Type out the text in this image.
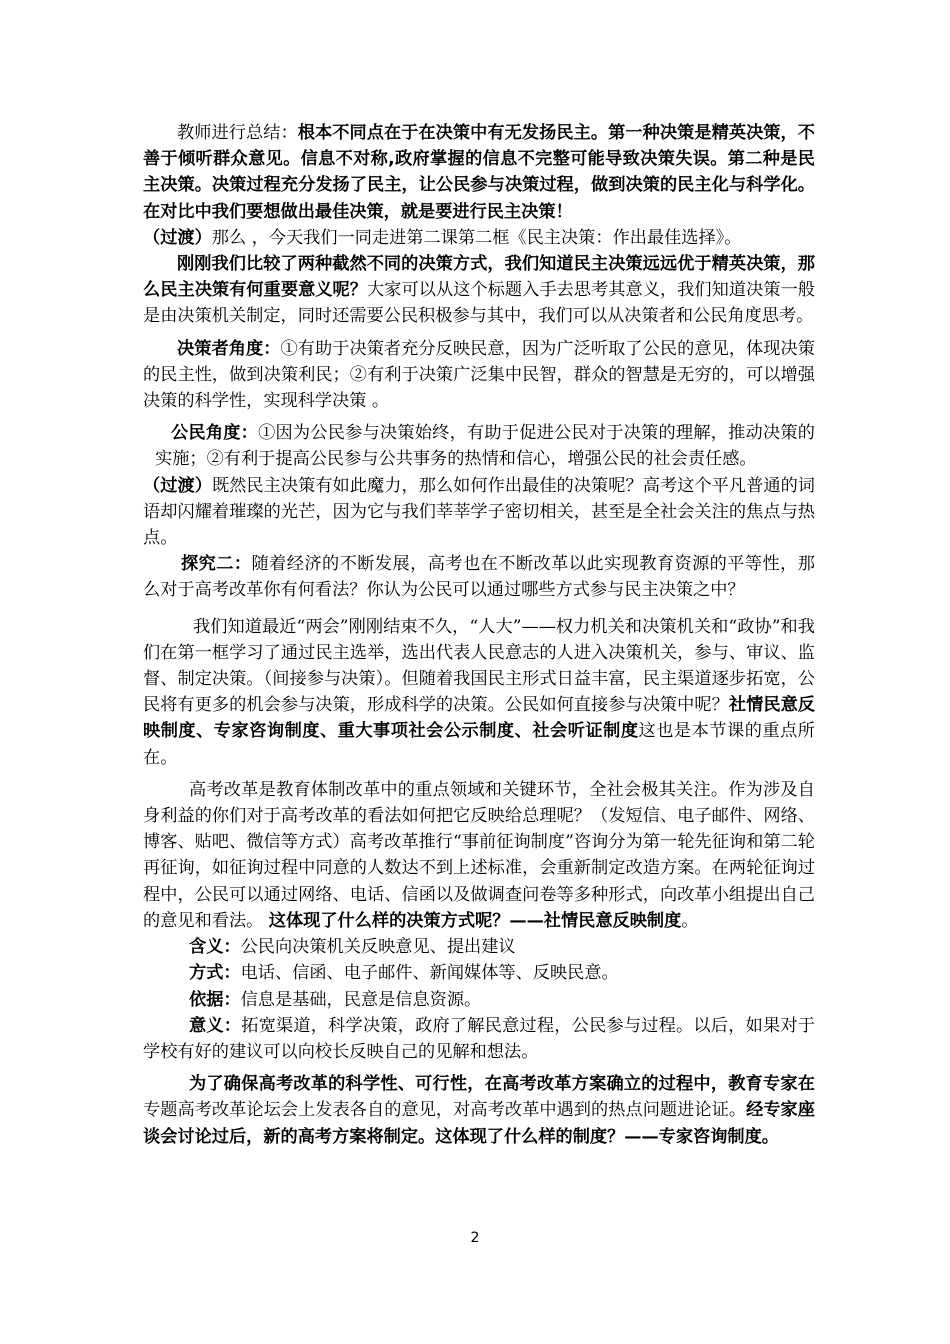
教师进行总结：根本不同点在于在决策中有无发扬民主。第一种决策是精英决策，不善于倾听群众意见。信息不对称,政府掌握的信息不完整可能导致决策失误。第二种是民主决策。决策过程充分发扬了民主，让公民参与决策过程，做到决策的民主化与科学化。在对比中我们要想做出最佳决策，就是要进行民主决策！

（过渡）那么 ，今天我们一同走进第二课第二框《民主决策：作出最佳选择》。

刚刚我们比较了两种截然不同的决策方式，我们知道民主决策远远优于精英决策，那么民主决策有何重要意义呢？大家可以从这个标题入手去思考其意义，我们知道决策一般是由决策机关制定，同时还需要公民积极参与其中，我们可以从决策者和公民角度思考。

决策者角度：①有助于决策者充分反映民意，因为广泛听取了公民的意见，体现决策的民主性，做到决策利民；②有利于决策广泛集中民智，群众的智慧是无穷的，可以增强决策的科学性，实现科学决策 。

公民角度：①因为公民参与决策始终，有助于促进公民对于决策的理解，推动决策的实施；②有利于提高公民参与公共事务的热情和信心，增强公民的社会责任感。

（过渡）既然民主决策有如此魔力，那么如何作出最佳的决策呢？高考这个平凡普通的词语却闪耀着璀璨的光芒，因为它与我们莘莘学子密切相关，甚至是全社会关注的焦点与热点。

探究二：随着经济的不断发展，高考也在不断改革以此实现教育资源的平等性，那么对于高考改革你有何看法？你认为公民可以通过哪些方式参与民主决策之中？

我们知道最近“两会”刚刚结束不久，“人大”——权力机关和决策机关和“政协”和我们在第一框学习了通过民主选举，选出代表人民意志的人进入决策机关，参与、审议、监督、制定决策。（间接参与决策）。但随着我国民主形式日益丰富，民主渠道逐步拓宽，公民将有更多的机会参与决策，形成科学的决策。公民如何直接参与决策中呢？社情民意反映制度、专家咨询制度、重大事项社会公示制度、社会听证制度这也是本节课的重点所在。

高考改革是教育体制改革中的重点领域和关键环节，全社会极其关注。作为涉及自身利益的你们对于高考改革的看法如何把它反映给总理呢？（发短信、电子邮件、网络、博客、贴吧、微信等方式）高考改革推行“事前征询制度”咨询分为第一轮先征询和第二轮再征询，如征询过程中同意的人数达不到上述标准，会重新制定改造方案。在两轮征询过程中，公民可以通过网络、电话、信函以及做调查问卷等多种形式，向改革小组提出自己的意见和看法。 这体现了什么样的决策方式呢？——社情民意反映制度。

含义：公民向决策机关反映意见、提出建议

方式：电话、信函、电子邮件、新闻媒体等、反映民意。

依据：信息是基础，民意是信息资源。

意义：拓宽渠道，科学决策，政府了解民意过程，公民参与过程。以后，如果对于学校有好的建议可以向校长反映自己的见解和想法。

为了确保高考改革的科学性、可行性，在高考改革方案确立的过程中，教育专家在专题高考改革论坛会上发表各自的意见，对高考改革中遇到的热点问题进论证。经专家座谈会讨论过后，新的高考方案将制定。这体现了什么样的制度？——专家咨询制度。

2
